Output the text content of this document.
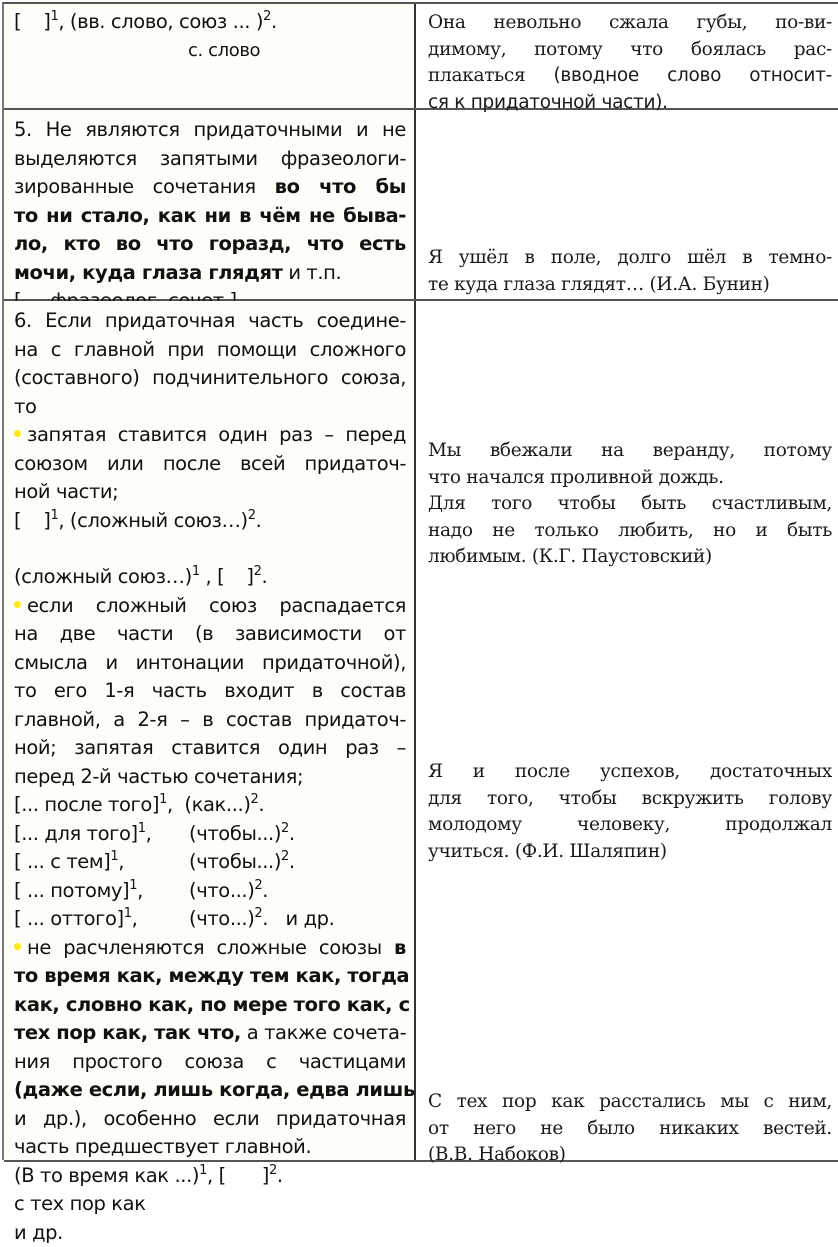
[ ]$^1$, (вв. слово, союз ... )$^2$.
с. слово
Она невольно сжала губы, по-ви-
димому, потому что боялась рас-
плакаться (вводное слово относит-
ся к придаточной части).
5. Не являются придаточными и не
выделяются запятыми фразеологи-
зированные сочетания во что бы
то ни стало, как ни в чём не быва-
ло, кто во что горазд, что есть
мочи, куда глаза глядят и т.п.
Я ушёл в поле, долго шёл в темно-
те куда глаза глядят… (И.А. Бунин)
6. Если придаточная часть соедине-
на с главной при помощи сложного
(составного) подчинительного союза,
то
запятая ставится один раз – перед
союзом или после всей придаточ-
ной части;
[ ]$^1$, (сложный союз…)$^2$.
(сложный союз…)$^1$ , [ ]$^2$.
если сложный союз распадается
на две части (в зависимости от
смысла и интонации придаточной),
то его 1-я часть входит в состав
главной, а 2-я – в состав придаточ-
ной; запятая ставится один раз –
перед 2-й частью сочетания;
[... после того]$^1$,  $(как...)^2$.
[... для того]$^1$, (чтобы...)$^2$.
[ ... с тем]$^1$,	(чтобы...)$^2$.
[ ... потому]$^1$, $(что...)^2$.
[ ... оттого]$^1$,	$(что...)^2$.   и др.
не расчленяются сложные союзы в
то время как, между тем как, тогда
как, словно как, по мере того как, с
тех пор как, так что, а также сочета-
ния простого союза с частицами
(даже если, лишь когда, едва лишь
и др.), особенно если придаточная
часть предшествует главной.
(В то время как ...)$^1$, [ ]$^2$.
с тех пор как
и др.
Мы вбежали на веранду, потому
что начался проливной дождь.
Для того чтобы быть счастливым,
надо не только любить, но и быть
любимым. (К.Г. Паустовский)
Я и после успехов, достаточных
для того, чтобы вскружить голову
молодому человеку, продолжал
учиться. (Ф.И. Шаляпин)
С тех пор как расстались мы с ним,
от него не было никаких вестей.
(В.В. Набоков)
